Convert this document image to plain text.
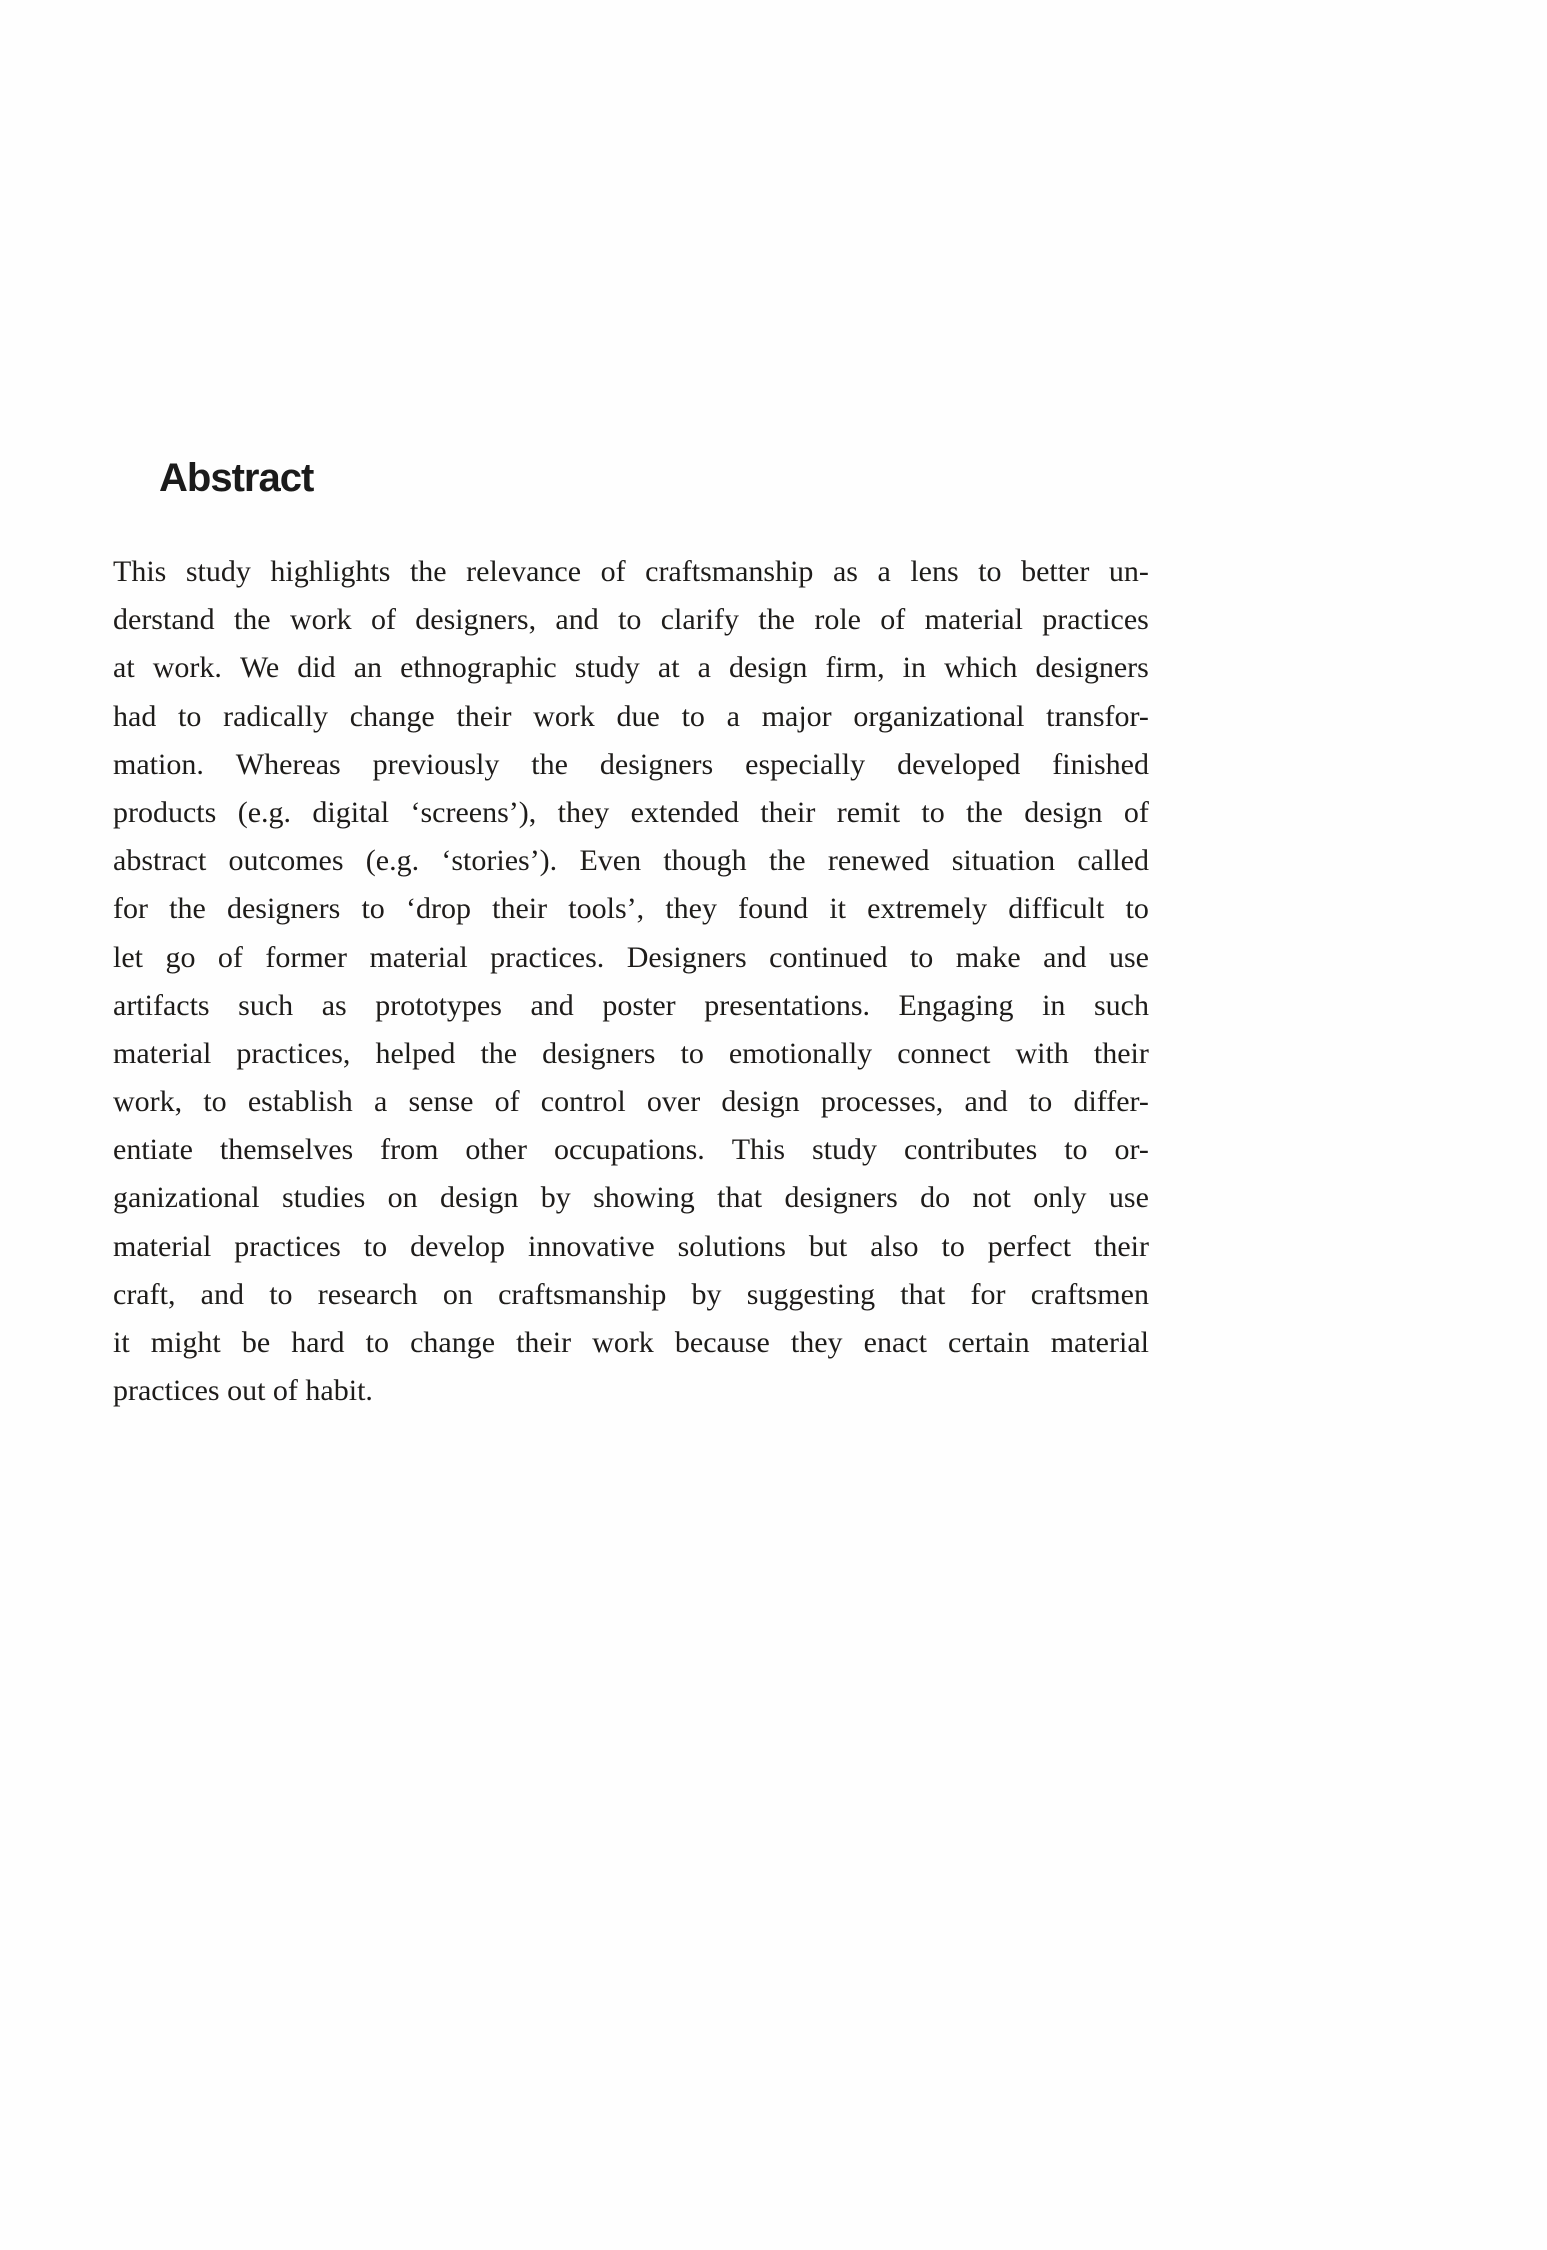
Abstract
This study highlights the relevance of craftsmanship as a lens to better un-
derstand the work of designers, and to clarify the role of material practices
at work. We did an ethnographic study at a design firm, in which designers
had to radically change their work due to a major organizational transfor-
mation. Whereas previously the designers especially developed finished
products (e.g. digital ‘screens’), they extended their remit to the design of
abstract outcomes (e.g. ‘stories’). Even though the renewed situation called
for the designers to ‘drop their tools’, they found it extremely difficult to
let go of former material practices. Designers continued to make and use
artifacts such as prototypes and poster presentations. Engaging in such
material practices, helped the designers to emotionally connect with their
work, to establish a sense of control over design processes, and to differ-
entiate themselves from other occupations. This study contributes to or-
ganizational studies on design by showing that designers do not only use
material practices to develop innovative solutions but also to perfect their
craft, and to research on craftsmanship by suggesting that for craftsmen
it might be hard to change their work because they enact certain material
practices out of habit.
